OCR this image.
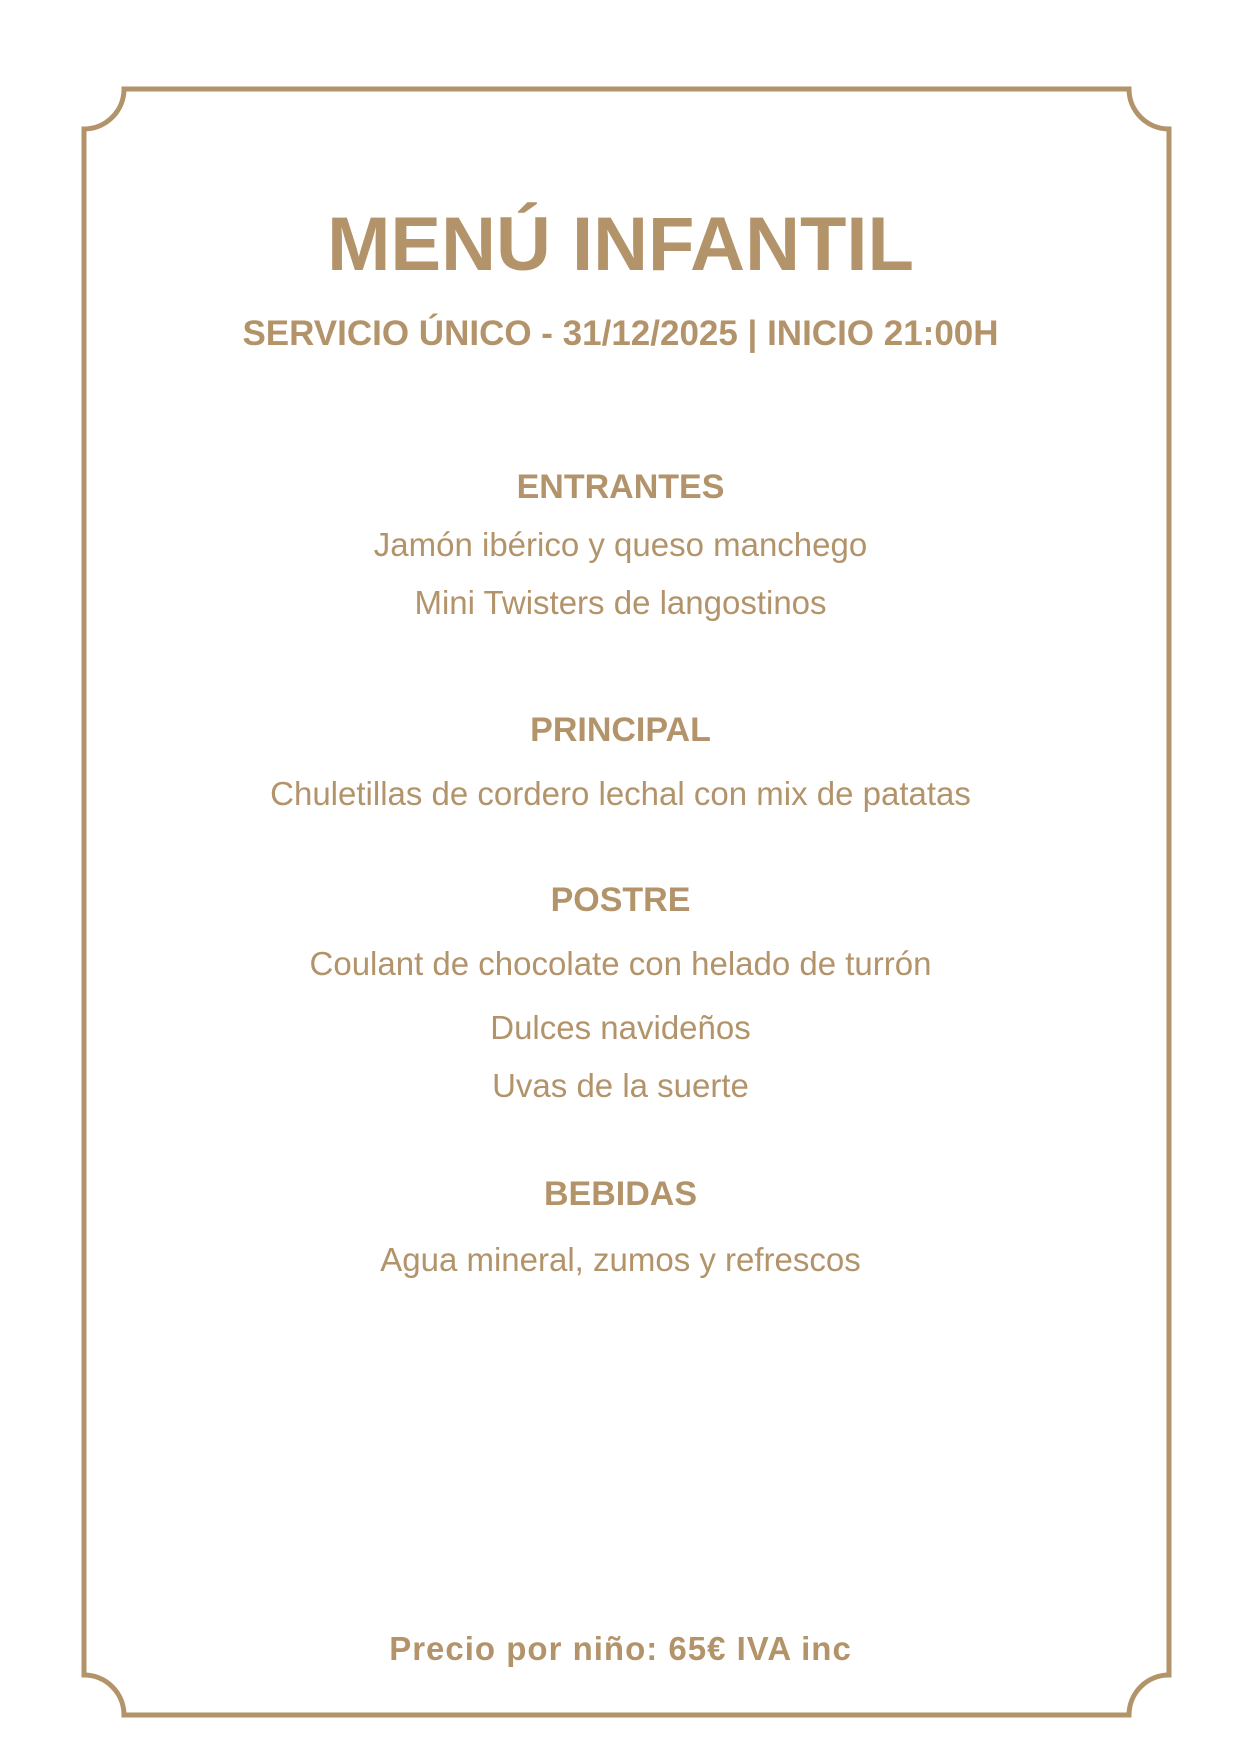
MENÚ INFANTIL
SERVICIO ÚNICO - 31/12/2025 | INICIO 21:00H

ENTRANTES

Jamón ibérico y queso manchego

Mini Twisters de langostinos

PRINCIPAL

Chuletillas de cordero lechal con mix de patatas

POSTRE

Coulant de chocolate con helado de turrón

Dulces navideños

Uvas de la suerte

BEBIDAS

Agua mineral, zumos y refrescos

Precio por niño: 65€ IVA inc
